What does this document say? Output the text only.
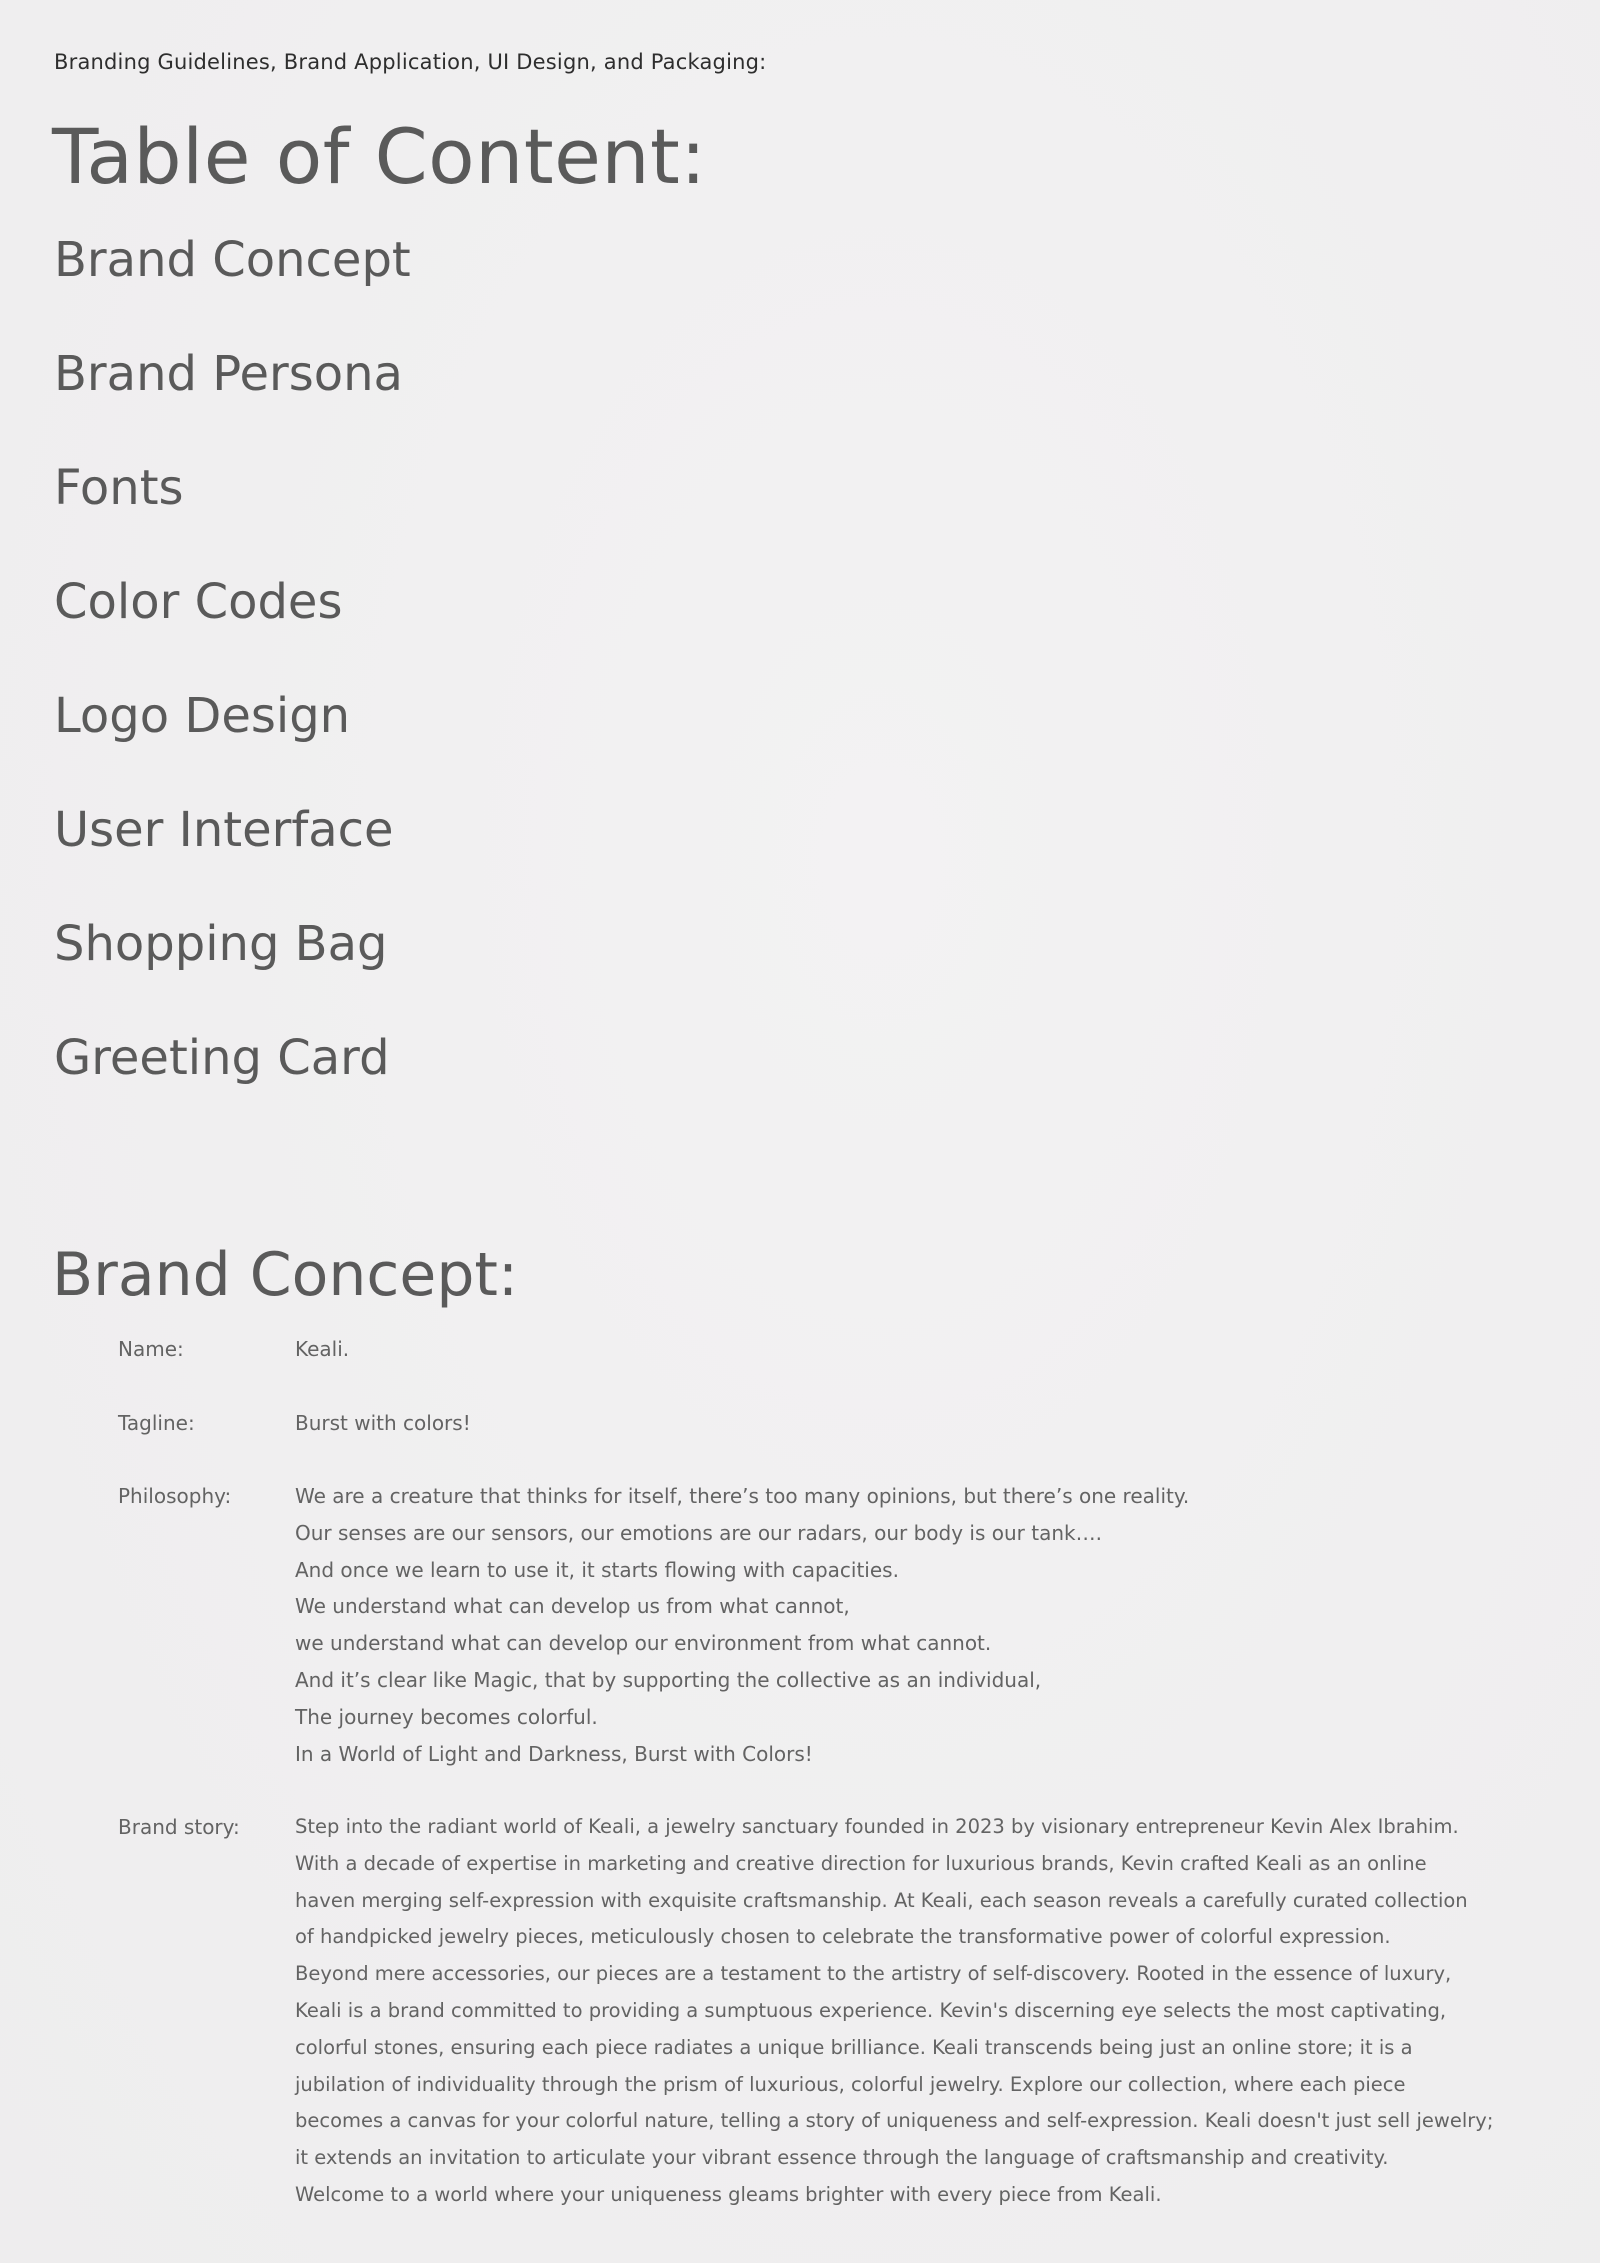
Branding Guidelines, Brand Application, UI Design, and Packaging:
Table of Content:
Brand Concept
Brand Persona
Fonts
Color Codes
Logo Design
User Interface
Shopping Bag
Greeting Card
Brand Concept:
Name:	Keali.
Tagline:	Burst with colors!
Philosophy:	We are a creature that thinks for itself, there’s too many opinions, but there’s one reality.
Our senses are our sensors, our emotions are our radars, our body is our tank….
And once we learn to use it, it starts flowing with capacities.
We understand what can develop us from what cannot,
we understand what can develop our environment from what cannot.
And it’s clear like Magic, that by supporting the collective as an individual,
The journey becomes colorful.
In a World of Light and Darkness, Burst with Colors!
Brand story:	Step into the radiant world of Keali, a jewelry sanctuary founded in 2023 by visionary entrepreneur Kevin Alex Ibrahim.
With a decade of expertise in marketing and creative direction for luxurious brands, Kevin crafted Keali as an online
haven merging self-expression with exquisite craftsmanship. At Keali, each season reveals a carefully curated collection
of handpicked jewelry pieces, meticulously chosen to celebrate the transformative power of colorful expression.
Beyond mere accessories, our pieces are a testament to the artistry of self-discovery. Rooted in the essence of luxury,
Keali is a brand committed to providing a sumptuous experience. Kevin's discerning eye selects the most captivating,
colorful stones, ensuring each piece radiates a unique brilliance. Keali transcends being just an online store; it is a
jubilation of individuality through the prism of luxurious, colorful jewelry. Explore our collection, where each piece
becomes a canvas for your colorful nature, telling a story of uniqueness and self-expression. Keali doesn't just sell jewelry;
it extends an invitation to articulate your vibrant essence through the language of craftsmanship and creativity.
Welcome to a world where your uniqueness gleams brighter with every piece from Keali.
